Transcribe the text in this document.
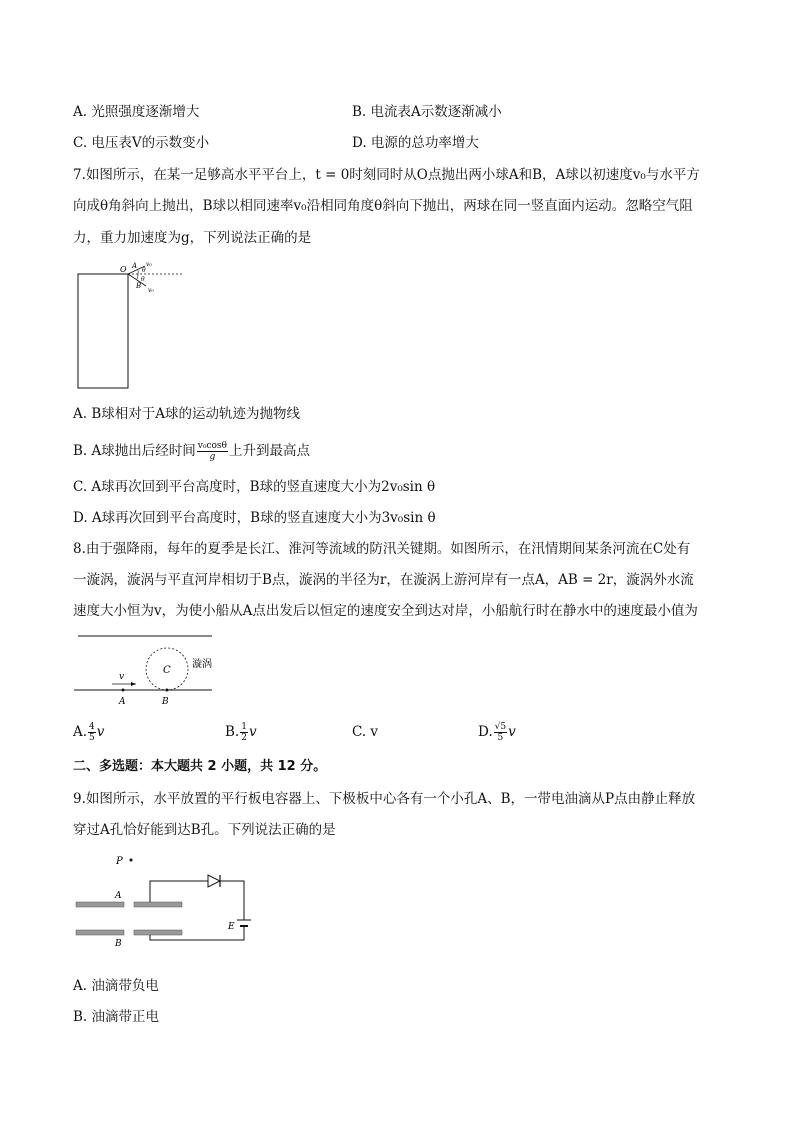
A. 光照强度逐渐增大	B. 电流表A示数逐渐减小
C. 电压表V的示数变小	D. 电源的总功率增大
7.如图所示，在某一足够高水平平台上，t = 0时刻同时从O点抛出两小球A和B，A球以初速度v₀与水平方
向成θ角斜向上抛出，B球以相同速率v₀沿相同角度θ斜向下抛出，两球在同一竖直面内运动。忽略空气阻
力，重力加速度为g，下列说法正确的是
O A v₀
θ
θ
B
v₀
A. B球相对于A球的运动轨迹为抛物线
B. A球抛出后经时间 $\frac{\text{v₀cosθ}}{g}$ 上升到最高点
C. A球再次回到平台高度时，B球的竖直速度大小为2v₀sin θ
D. A球再次回到平台高度时，B球的竖直速度大小为3v₀sin θ
8.由于强降雨，每年的夏季是长江、淮河等流域的防汛关键期。如图所示，在汛情期间某条河流在C处有
一漩涡，漩涡与平直河岸相切于B点，漩涡的半径为r，在漩涡上游河岸有一点A，AB = 2r，漩涡外水流
速度大小恒为v，为使小船从A点出发后以恒定的速度安全到达对岸，小船航行时在静水中的速度最小值为
v
C
漩涡
A	B
A. $\frac{4}{5}$ v	B. $\frac{1}{2}$ v	C. v	D. $\frac{√5}{5}$ v
二、多选题：本大题共 2 小题，共 12 分。
9.如图所示，水平放置的平行板电容器上、下极板中心各有一个小孔A、B，一带电油滴从P点由静止释放
穿过A孔恰好能到达B孔。下列说法正确的是
P
A
B
E
A. 油滴带负电
B. 油滴带正电
